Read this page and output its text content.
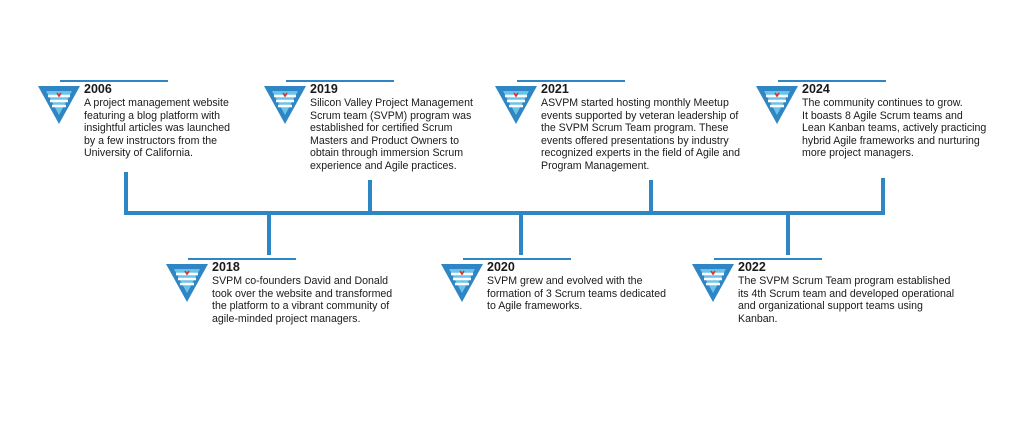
2006
A project management website
featuring a blog platform with
insightful articles was launched
by a few instructors from the
University of California.
2018
SVPM co-founders David and Donald
took over the website and transformed
the platform to a vibrant community of
agile-minded project managers.
2019
Silicon Valley Project Management
Scrum team (SVPM) program was
established for certified Scrum
Masters and Product Owners to
obtain through immersion Scrum
experience and Agile practices.
2020
SVPM grew and evolved with the
formation of 3 Scrum teams dedicated
to Agile frameworks.
2021
ASVPM started hosting monthly Meetup
events supported by veteran leadership of
the SVPM Scrum Team program. These
events offered presentations by industry
recognized experts in the field of Agile and
Program Management.
2022
The SVPM Scrum Team program established
its 4th Scrum team and developed operational
and organizational support teams using
Kanban.
2024
The community continues to grow.
It boasts 8 Agile Scrum teams and
Lean Kanban teams, actively practicing
hybrid Agile frameworks and nurturing
more project managers.
